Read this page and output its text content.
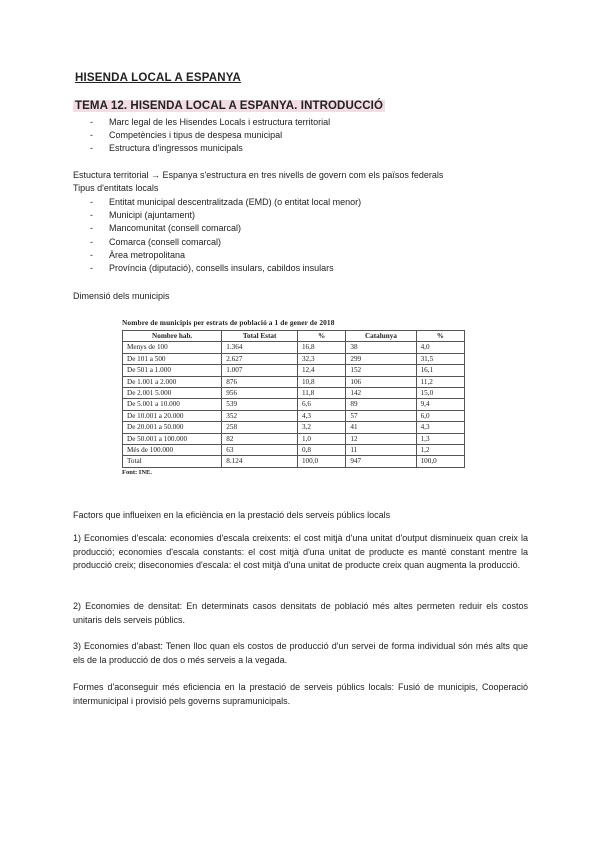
HISENDA LOCAL A ESPANYA
TEMA 12. HISENDA LOCAL A ESPANYA. INTRODUCCIÓ
- Marc legal de les Hisendes Locals i estructura territorial
- Competències i tipus de despesa municipal
- Estructura d'ingressos municipals
Estuctura territorial → Espanya s'estructura en tres nivells de govern com els països federals
Tipus d'entitats locals
- Entitat municipal descentralitzada (EMD) (o entitat local menor)
- Municipi (ajuntament)
- Mancomunitat (consell comarcal)
- Comarca (consell comarcal)
- Àrea metropolitana
- Província (diputació), consells insulars, cabildos insulars
Dimensió dels municipis
Nombre de municipis per estrats de població a 1 de gener de 2018
Nombre hab.	Total Estat	%	Catalunya	%
Menys de 100	1.364	16,8	38	4,0
De 101 a 500	2.627	32,3	299	31,5
De 501 a 1.000	1.007	12,4	152	16,1
De 1.001 a 2.000	876	10,8	106	11,2
De 2.001 5.000	956	11,8	142	15,0
De 5.001 a 10.000	539	6,6	89	9,4
De 10.001 a 20.000	352	4,3	57	6,0
De 20.001 a 50.000	258	3,2	41	4,3
De 50.001 a 100.000	82	1,0	12	1,3
Més de 100.000	63	0,8	11	1,2
Total	8.124	100,0	947	100,0
Font: INE.
Factors que influeixen en la eficiència en la prestació dels serveis públics locals
1) Economies d'escala: economies d'escala creixents: el cost mitjà d'una unitat d'output disminueix quan creix la producció; economies d'escala constants: el cost mitjà d'una unitat de producte es manté constant mentre la producció creix; diseconomies d'escala: el cost mitjà d'una unitat de producte creix quan augmenta la producció.
2) Economies de densitat: En determinats casos densitats de població més altes permeten reduir els costos unitaris dels serveis públics.
3) Economies d'abast: Tenen lloc quan els costos de producció d'un servei de forma individual són més alts que els de la producció de dos o més serveis a la vegada.
Formes d'aconseguir més eficiencia en la prestació de serveis públics locals: Fusió de municipis, Cooperació intermunicipal i provisió pels governs supramunicipals.
